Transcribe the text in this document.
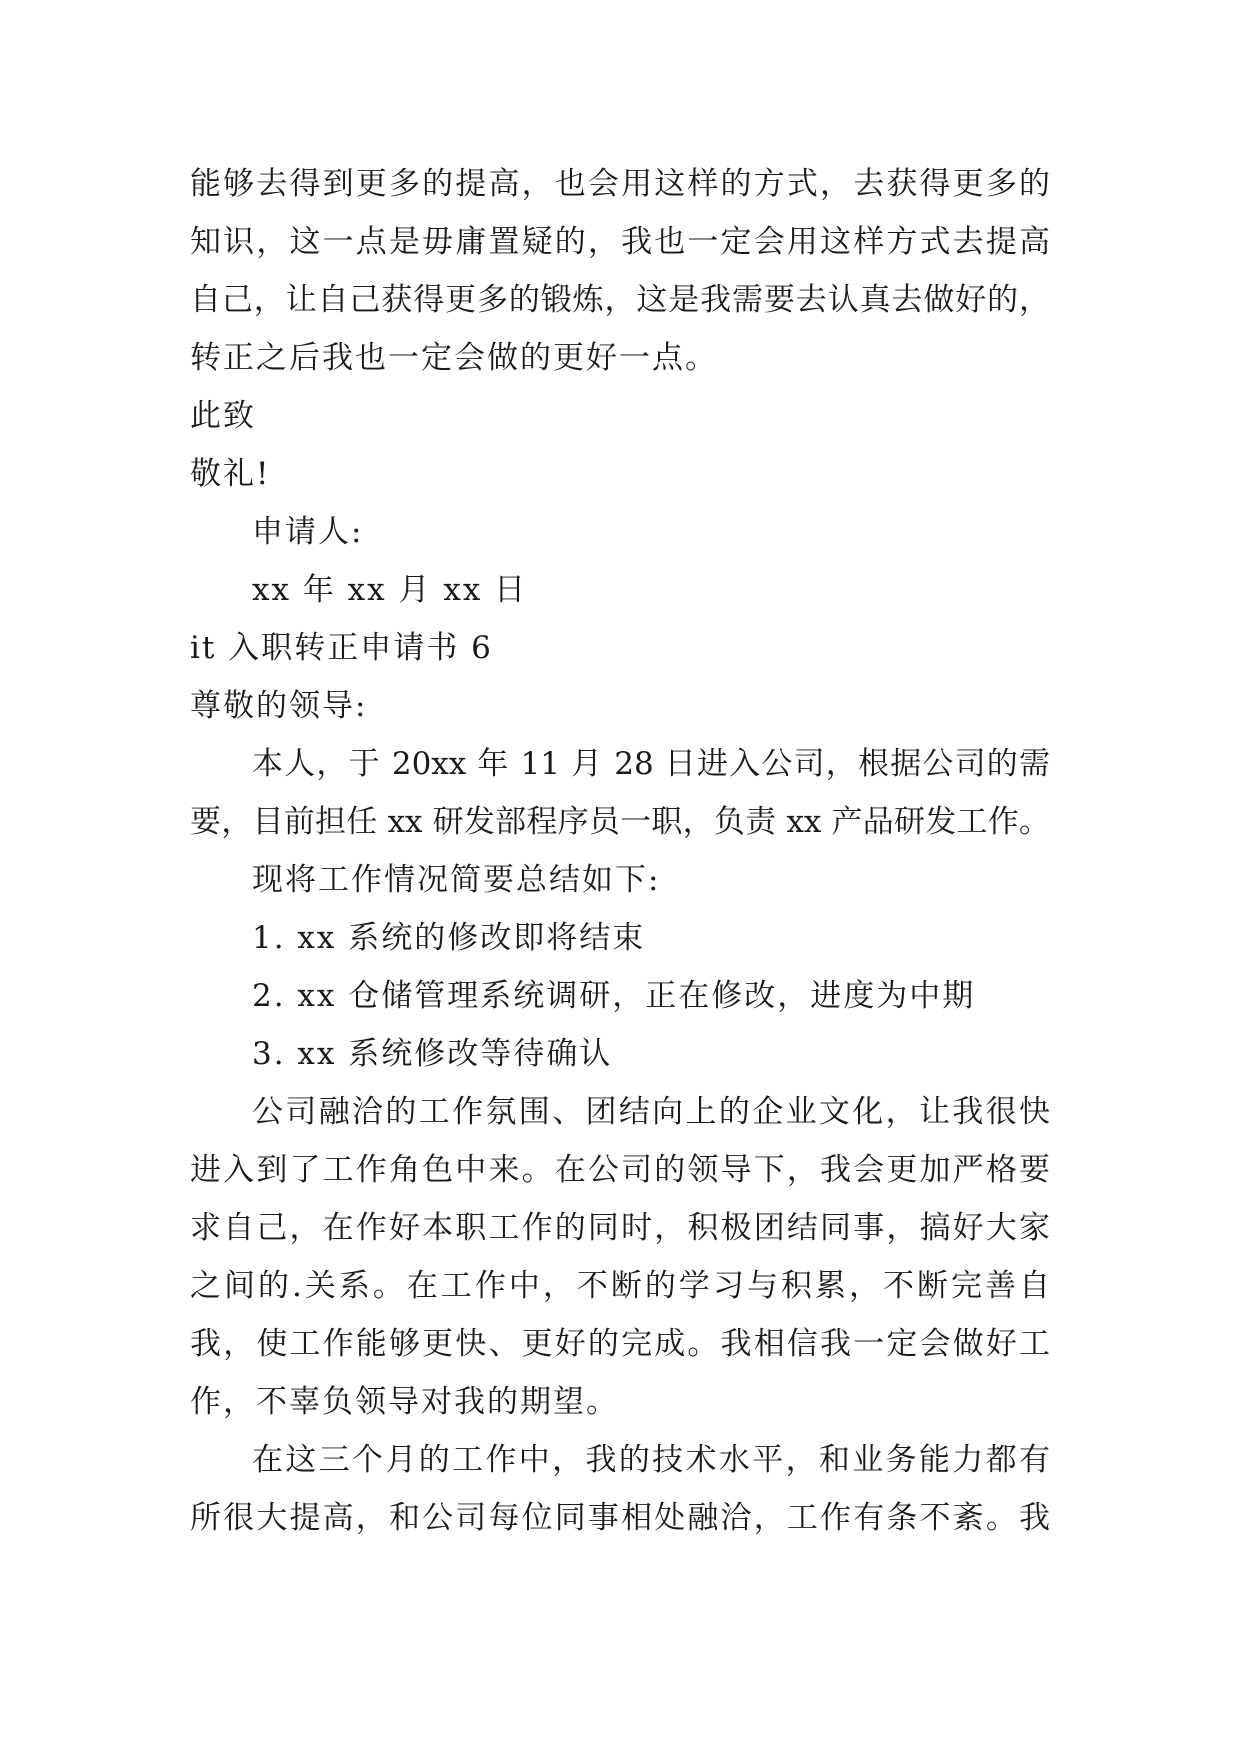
能够去得到更多的提高，也会用这样的方式，去获得更多的

知识，这一点是毋庸置疑的，我也一定会用这样方式去提高

自己，让自己获得更多的锻炼，这是我需要去认真去做好的，

转正之后我也一定会做的更好一点。

此致

敬礼!

申请人:

xx 年 xx 月 xx 日

it 入职转正申请书 6

尊敬的领导:

本人，于 20xx 年 11 月 28 日进入公司，根据公司的需

要，目前担任 xx 研发部程序员一职，负责 xx 产品研发工作。

现将工作情况简要总结如下:

1. xx 系统的修改即将结束

2. xx 仓储管理系统调研，正在修改，进度为中期

3. xx 系统修改等待确认

公司融洽的工作氛围、团结向上的企业文化，让我很快

进入到了工作角色中来。在公司的领导下，我会更加严格要

求自己，在作好本职工作的同时，积极团结同事，搞好大家

之间的.关系。在工作中，不断的学习与积累，不断完善自

我，使工作能够更快、更好的完成。我相信我一定会做好工

作，不辜负领导对我的期望。

在这三个月的工作中，我的技术水平，和业务能力都有

所很大提高，和公司每位同事相处融洽，工作有条不紊。我
